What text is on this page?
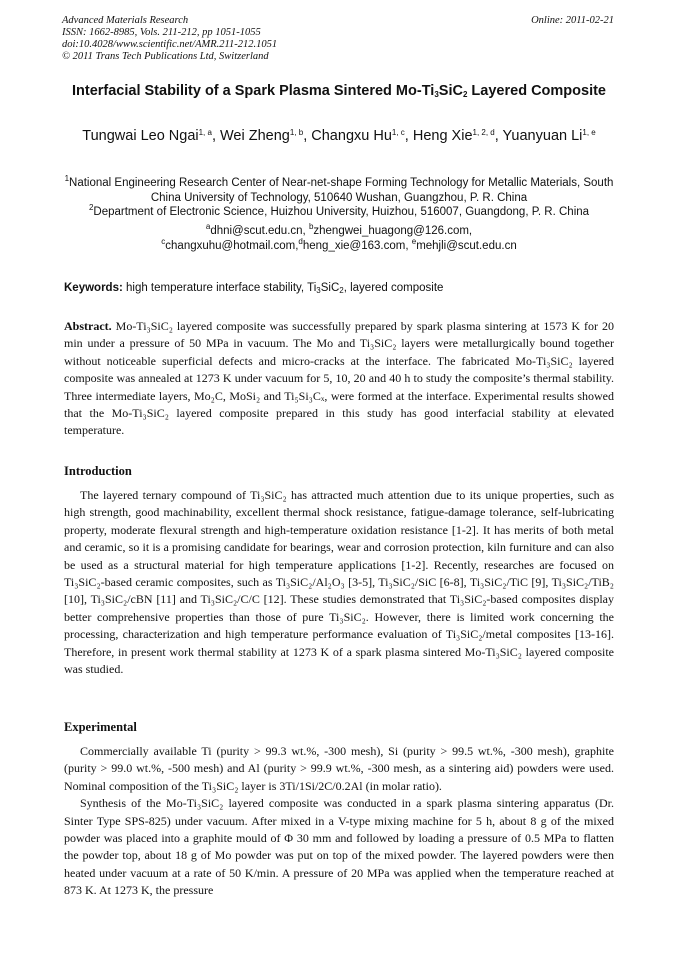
Advanced Materials Research
ISSN: 1662-8985, Vols. 211-212, pp 1051-1055
doi:10.4028/www.scientific.net/AMR.211-212.1051
© 2011 Trans Tech Publications Ltd, Switzerland
Online: 2011-02-21
Interfacial Stability of a Spark Plasma Sintered $Mo-Ti_3SiC_2$ Layered Composite
Tungwai Leo Ngai$^{1, a}$, Wei Zheng$^{1, b}$, Changxu Hu$^{1, c}$, Heng Xie$^{1, 2, d}$, Yuanyuan Li$^{1, e}$
$^1$National Engineering Research Center of Near-net-shape Forming Technology for Metallic Materials, South China University of Technology, 510640 Wushan, Guangzhou, P. R. China
$^2$Department of Electronic Science, Huizhou University, Huizhou, 516007, Guangdong, P. R. China
$^a$dhni@scut.edu.cn, $^b$zhengwei_huagong@126.com,
$^c$changxuhu@hotmail.com,$^d$heng_xie@163.com, $^e$mehjli@scut.edu.cn
Keywords: high temperature interface stability, $Ti_3SiC_2$, layered composite

Abstract. Mo-Ti₃SiC₂ layered composite was successfully prepared by spark plasma sintering at 1573 K for 20 min under a pressure of 50 MPa in vacuum. The Mo and Ti₃SiC₂ layers were metallurgically bound together without noticeable superficial defects and micro-cracks at the interface. The fabricated Mo-Ti₃SiC₂ layered composite was annealed at 1273 K under vacuum for 5, 10, 20 and 40 h to study the composite’s thermal stability. Three intermediate layers, Mo₂C, MoSi₂ and Ti₅Si₃Cₓ, were formed at the interface. Experimental results showed that the Mo-Ti₃SiC₂ layered composite prepared in this study has good interfacial stability at elevated temperature.

Introduction

The layered ternary compound of Ti₃SiC₂ has attracted much attention due to its unique properties, such as high strength, good machinability, excellent thermal shock resistance, fatigue-damage tolerance, self-lubricating property, moderate flexural strength and high-temperature oxidation resistance [1-2]. It has merits of both metal and ceramic, so it is a promising candidate for bearings, wear and corrosion protection, kiln furniture and can also be used as a structural material for high temperature applications [1-2]. Recently, researches are focused on Ti₃SiC₂-based ceramic composites, such as Ti₃SiC₂/Al₂O₃ [3-5], Ti₃SiC₂/SiC [6-8], Ti₃SiC₂/TiC [9], Ti₃SiC₂/TiB₂ [10], Ti₃SiC₂/cBN [11] and Ti₃SiC₂/C/C [12]. These studies demonstrated that Ti₃SiC₂-based composites display better comprehensive properties than those of pure Ti₃SiC₂. However, there is limited work concerning the processing, characterization and high temperature performance evaluation of Ti₃SiC₂/metal composites [13-16]. Therefore, in present work thermal stability at 1273 K of a spark plasma sintered Mo-Ti₃SiC₂ layered composite was studied.

Experimental

Commercially available Ti (purity > 99.3 wt.%, -300 mesh), Si (purity > 99.5 wt.%, -300 mesh), graphite (purity > 99.0 wt.%, -500 mesh) and Al (purity > 99.9 wt.%, -300 mesh, as a sintering aid) powders were used. Nominal composition of the Ti₃SiC₂ layer is 3Ti/1Si/2C/0.2Al (in molar ratio).

Synthesis of the Mo-Ti₃SiC₂ layered composite was conducted in a spark plasma sintering apparatus (Dr. Sinter Type SPS-825) under vacuum. After mixed in a V-type mixing machine for 5 h, about 8 g of the mixed powder was placed into a graphite mould of Φ 30 mm and followed by loading a pressure of 0.5 MPa to flatten the powder top, about 18 g of Mo powder was put on top of the mixed powder. The layered powders were then heated under vacuum at a rate of 50 K/min. A pressure of 20 MPa was applied when the temperature reached at 873 K. At 1273 K, the pressure
